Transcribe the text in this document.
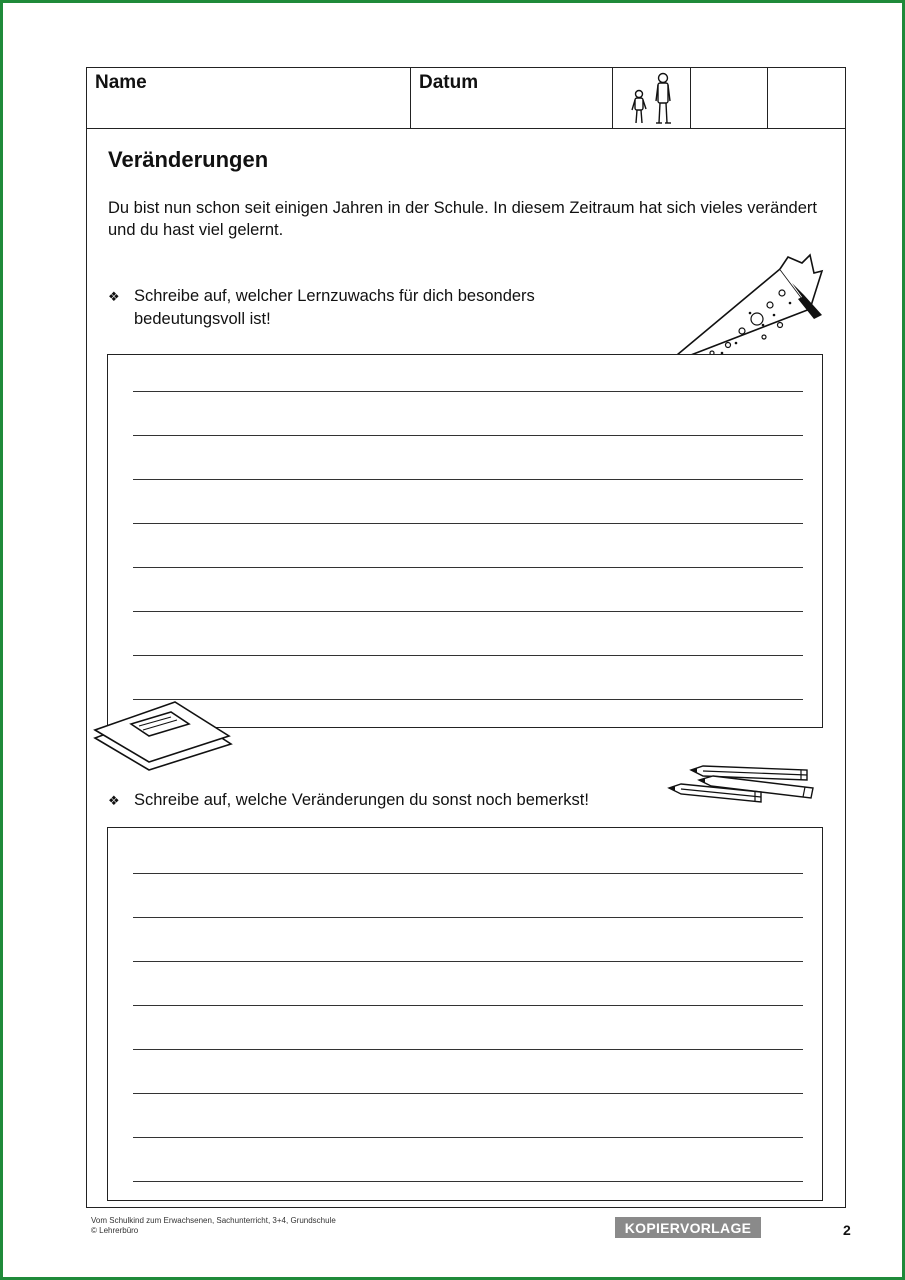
Name	Datum
Veränderungen
Du bist nun schon seit einigen Jahren in der Schule. In diesem Zeitraum hat sich vieles verändert und du hast viel gelernt.
❖ Schreibe auf, welcher Lernzuwachs für dich besonders bedeutungsvoll ist!
❖ Schreibe auf, welche Veränderungen du sonst noch bemerkst!
Vom Schulkind zum Erwachsenen, Sachunterricht, 3+4, Grundschule
© Lehrerbüro	KOPIERVORLAGE	2
